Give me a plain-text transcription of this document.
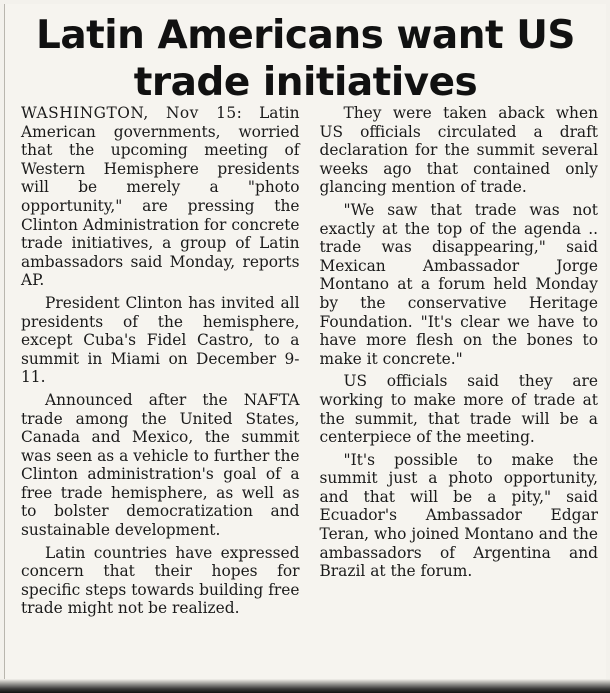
Latin Americans want US
trade initiatives

WASHINGTON, Nov 15: Latin American governments, worried that the upcoming meeting of Western Hemisphere presidents will be merely a "photo opportunity," are pressing the Clinton Administration for concrete trade initiatives, a group of Latin ambassadors said Monday, reports AP.

President Clinton has invited all presidents of the hemisphere, except Cuba's Fidel Castro, to a summit in Miami on December 9-11.

Announced after the NAFTA trade among the United States, Canada and Mexico, the summit was seen as a vehicle to further the Clinton administration's goal of a free trade hemisphere, as well as to bolster democratization and sustainable development.

Latin countries have expressed concern that their hopes for specific steps towards building free trade might not be realized.

They were taken aback when US officials circulated a draft declaration for the summit several weeks ago that contained only glancing mention of trade.

"We saw that trade was not exactly at the top of the agenda .. trade was disappearing," said Mexican Ambassador Jorge Montano at a forum held Monday by the conservative Heritage Foundation. "It's clear we have to have more flesh on the bones to make it concrete."

US officials said they are working to make more of trade at the summit, that trade will be a centerpiece of the meeting.

"It's possible to make the summit just a photo opportunity, and that will be a pity," said Ecuador's Ambassador Edgar Teran, who joined Montano and the ambassadors of Argentina and Brazil at the forum.
